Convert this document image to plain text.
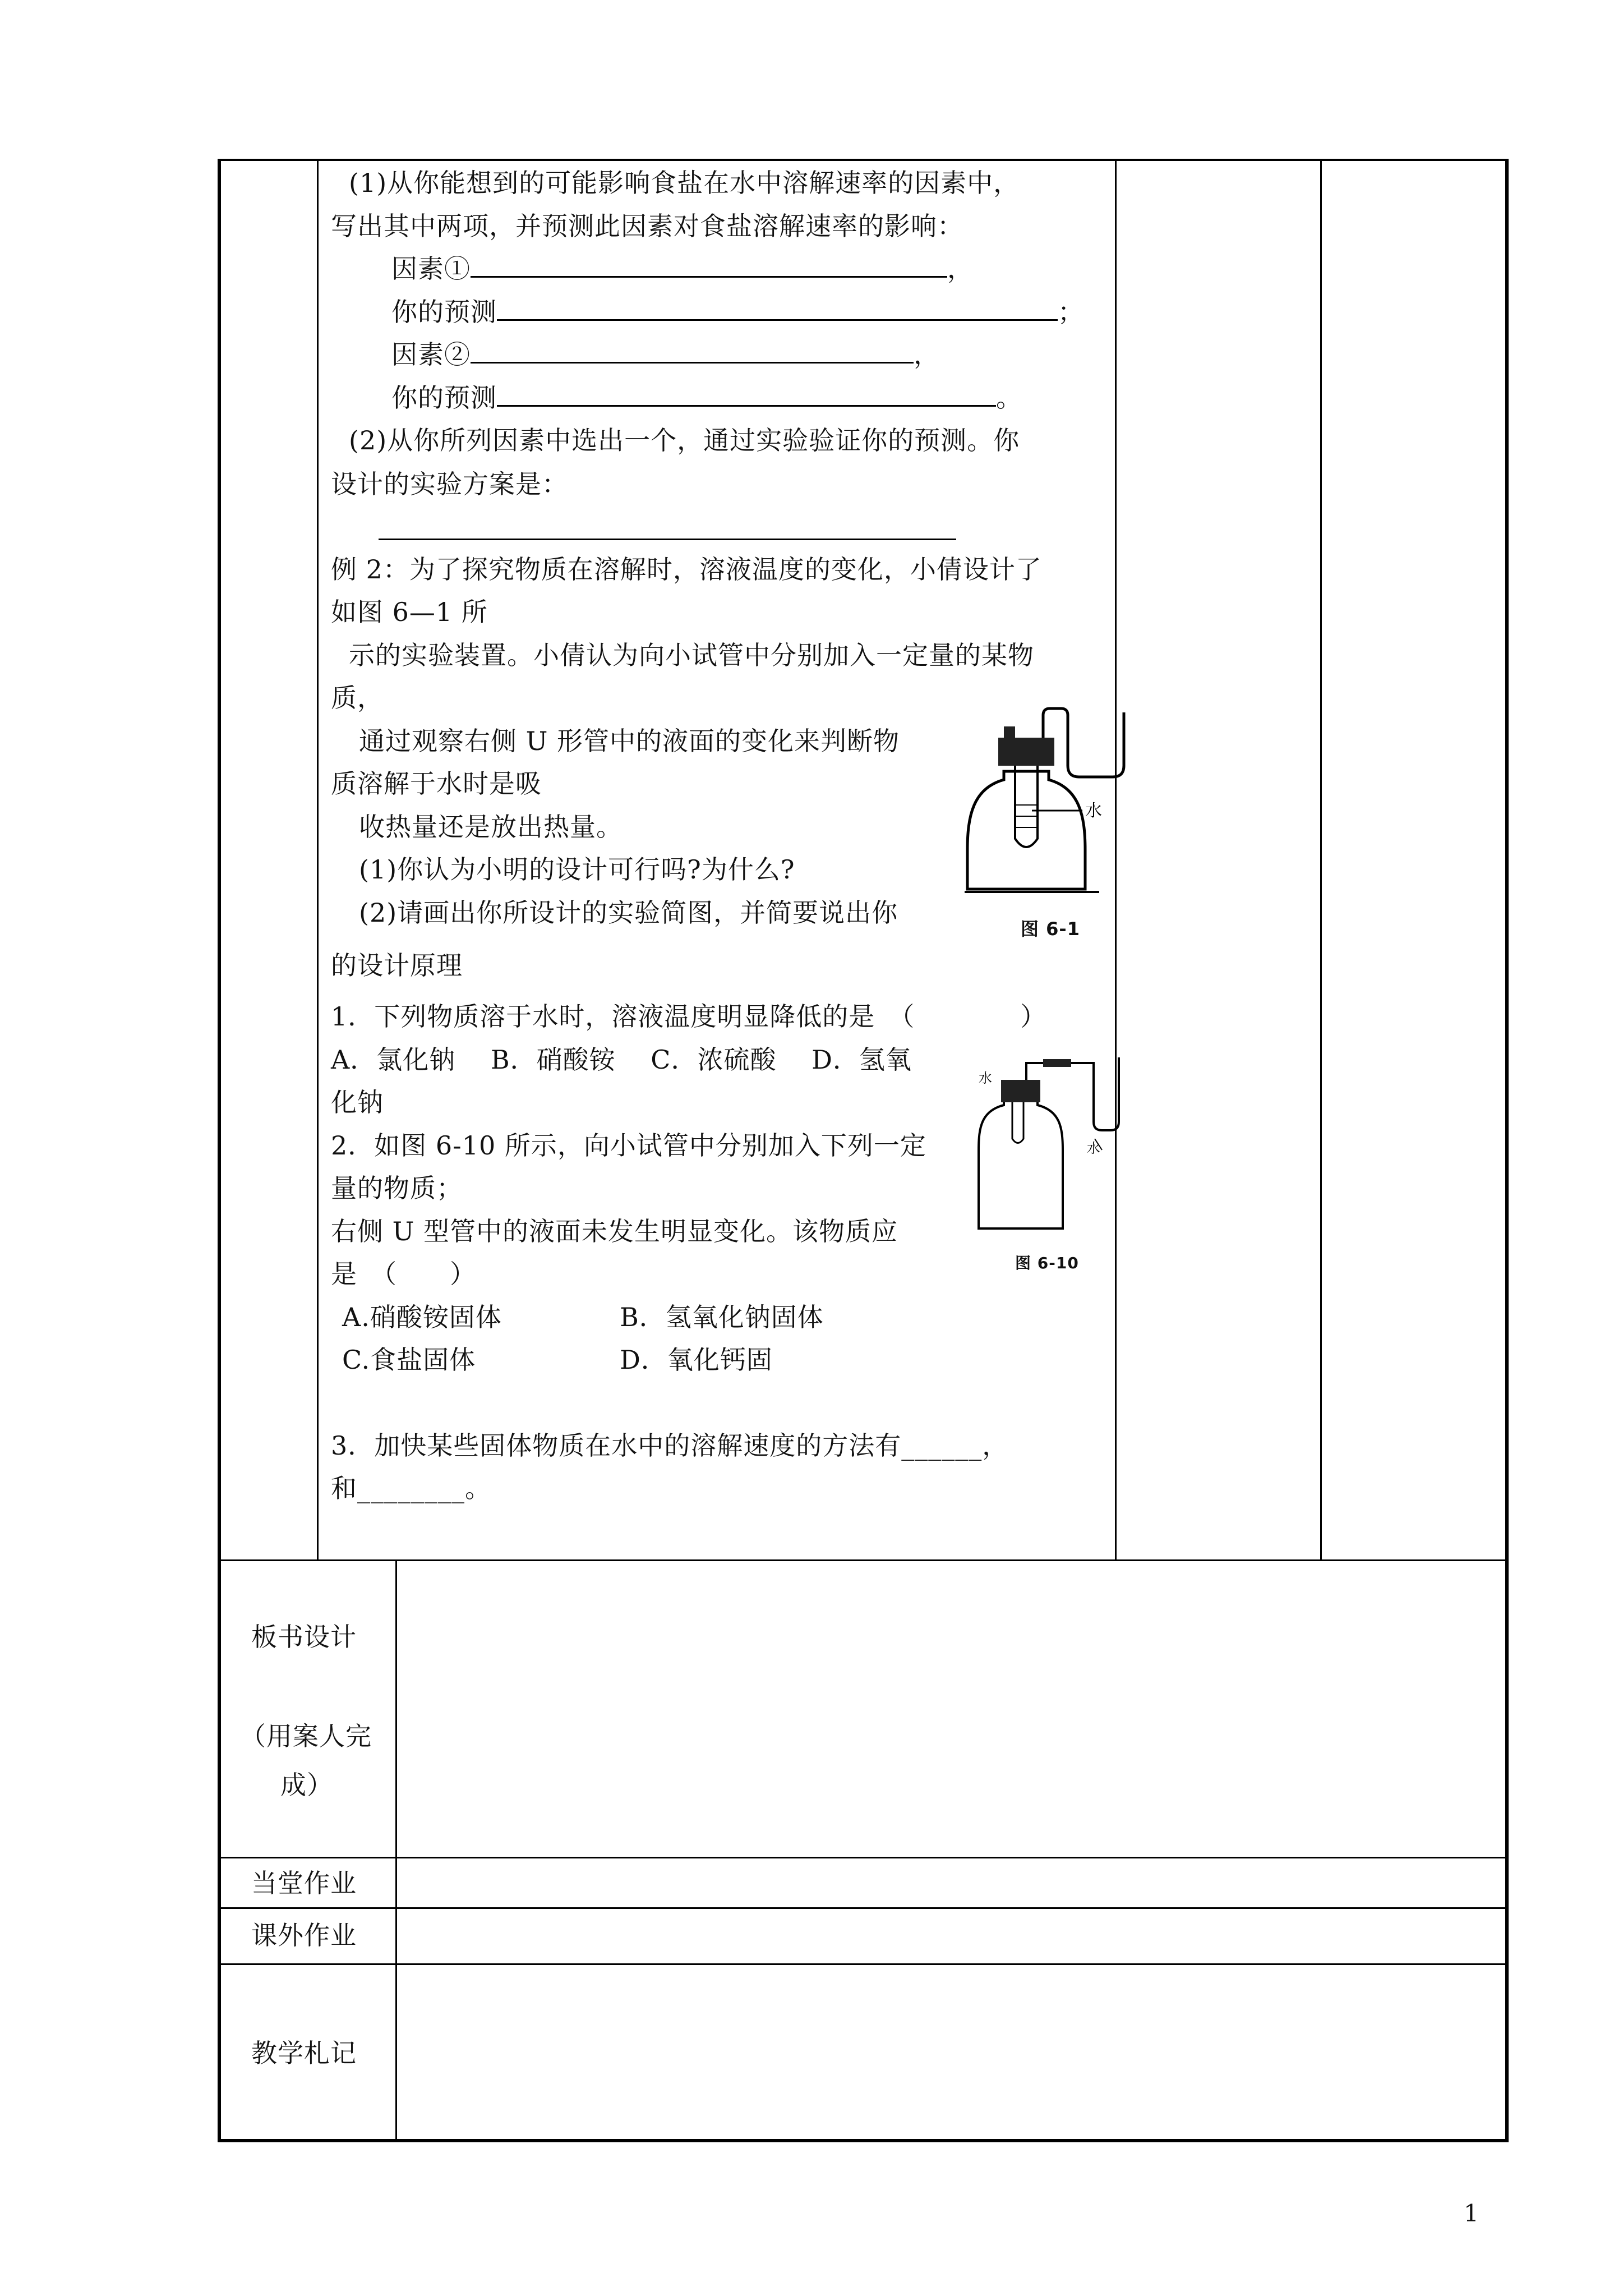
(1)从你能想到的可能影响食盐在水中溶解速率的因素中，
写出其中两项，并预测此因素对食盐溶解速率的影响：
因素①	，
你的预测	；
因素②	，
你的预测	。
(2)从你所列因素中选出一个，通过实验验证你的预测。你
设计的实验方案是：
例 2：为了探究物质在溶解时，溶液温度的变化，小倩设计了
如图 6—1 所
示的实验装置。小倩认为向小试管中分别加入一定量的某物
质，
通过观察右侧 U 形管中的液面的变化来判断物
质溶解于水时是吸
收热量还是放出热量。
(1)你认为小明的设计可行吗?为什么?
(2)请画出你所设计的实验简图，并简要说出你
的设计原理
水
图 6-1
1．下列物质溶于水时，溶液温度明显降低的是　（　　　　）
A．氯化钠　 B．硝酸铵　 C．浓硫酸　 D．氢氧
化钠
水
水
图 6-10
2．如图 6-10 所示，向小试管中分别加入下列一定
量的物质；
右侧 U 型管中的液面未发生明显变化。该物质应
是　（　　）
A.硝酸铵固体	B．氢氧化钠固体
C.食盐固体	D．氧化钙固
3．加快某些固体物质在水中的溶解速度的方法有______，
和________。
板书设计
（用案人完
成）
当堂作业
课外作业
教学札记
1
